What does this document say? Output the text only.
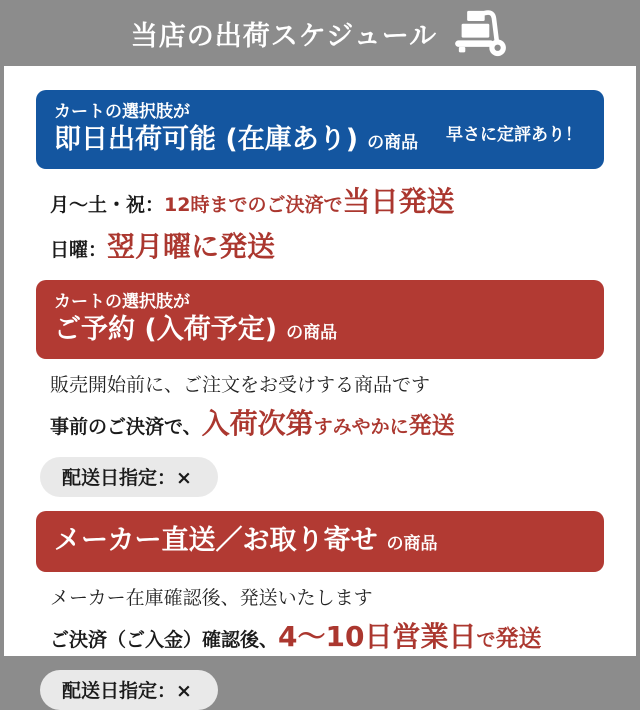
当店の出荷スケジュール
カートの選択肢が
即日出荷可能 (在庫あり) の商品	早さに定評あり！

月〜土・祝：12時までのご決済で当日発送

日曜：翌月曜に発送

カートの選択肢が
ご予約 (入荷予定) の商品

販売開始前に、ご注文をお受けする商品です

事前のご決済で、入荷次第すみやかに発送

配送日指定：×
メーカー直送／お取り寄せ の商品

メーカー在庫確認後、発送いたします

ご決済（ご入金）確認後、4〜10日営業日で発送

配送日指定：×
